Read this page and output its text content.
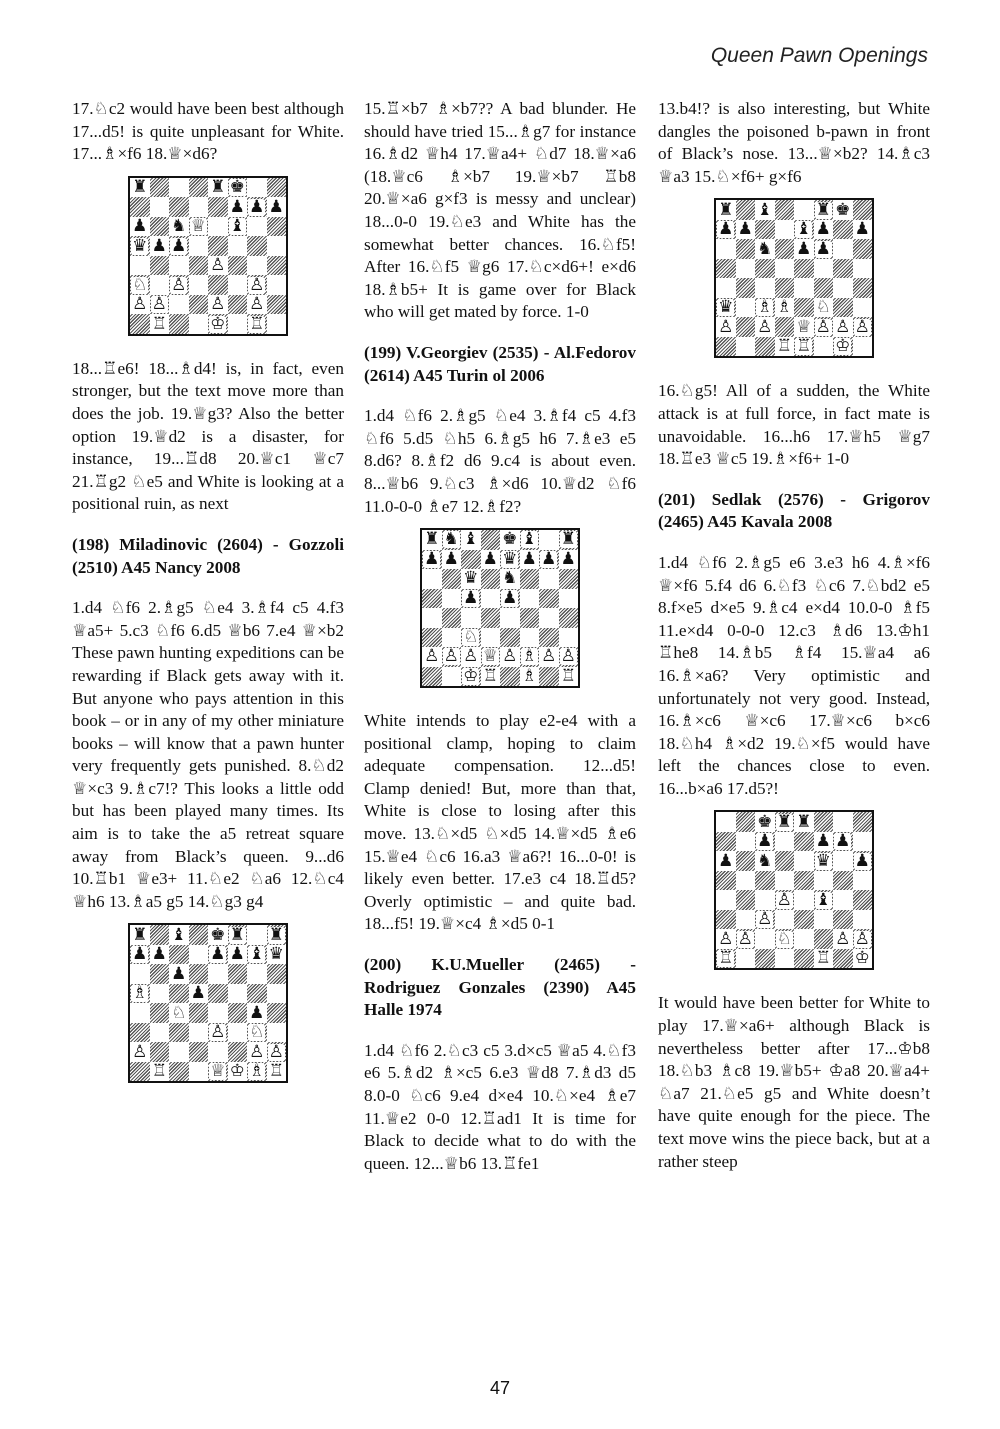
Queen Pawn Openings

17.♘c2 would have been best although 17...d5! is quite unpleasant for White. 17...♗×f6 18.♕×d6?

♜	♜ ♚
♟ ♟ ♟
♟ ♞ ♕ ♝
♛ ♟ ♟
♙
♘ ♙	♙
♙ ♙	♙ ♙
♖	♔ ♖

18...♖e6! 18...♗d4! is, in fact, even stronger, but the text move more than does the job. 19.♕g3? Also the better option 19.♕d2 is a disaster, for instance, 19...♖d8 20.♕c1 ♕c7 21.♖g2 ♘e5 and White is looking at a positional ruin, as next

(198) Miladinovic (2604) - Gozzoli (2510) A45 Nancy 2008

1.d4 ♘f6 2.♗g5 ♘e4 3.♗f4 c5 4.f3 ♕a5+ 5.c3 ♘f6 6.d5 ♕b6 7.e4 ♕×b2 These pawn hunting expeditions can be rewarding if Black gets away with it. But anyone who pays attention in this book – or in any of my other miniature books – will know that a pawn hunter very frequently gets punished. 8.♘d2 ♕×c3 9.♗c7!? This looks a little odd but has been played many times. Its aim is to take the a5 retreat square away from Black’s queen. 9...d6 10.♖b1 ♕e3+ 11.♘e2 ♘a6 12.♘c4 ♕h6 13.♗a5 g5 14.♘g3 g4

♜ ♝ ♚ ♜ ♜
♟ ♟	♟ ♟ ♝ ♛
♟
♗	♟
♘	♟
♙ ♘
♙	♙ ♙
♖	♕ ♔ ♗ ♖

15.♖×b7 ♗×b7?? A bad blunder. He should have tried 15...♗g7 for instance 16.♗d2 ♕h4 17.♕a4+ ♘d7 18.♕×a6 (18.♕c6 ♗×b7 19.♕×b7 ♖b8 20.♕×a6 g×f3 is messy and unclear) 18...0-0 19.♘e3 and White has the somewhat better chances. 16.♘f5! After 16.♘f5 ♕g6 17.♘c×d6+! e×d6 18.♗b5+ It is game over for Black who will get mated by force. 1-0

(199) V.Georgiev (2535) - Al.Fedorov (2614) A45 Turin ol 2006

1.d4 ♘f6 2.♗g5 ♘e4 3.♗f4 c5 4.f3 ♘f6 5.d5 ♘h5 6.♗g5 h6 7.♗e3 e5 8.d6? 8.♗f2 d6 9.c4 is about even. 8...♕b6 9.♘c3 ♗×d6 10.♕d2 ♘f6 11.0-0-0 ♗e7 12.♗f2?

♜ ♞ ♝ ♚ ♝ ♜
♟ ♟ ♟ ♛ ♟ ♟ ♟
♛ ♞
♟ ♟
♘
♙ ♙ ♙ ♕ ♙ ♗ ♙ ♙
♔ ♖ ♗ ♖

White intends to play e2-e4 with a positional clamp, hoping to claim adequate compensation. 12...d5! Clamp denied! But, more than that, White is close to losing after this move. 13.♘×d5 ♘×d5 14.♕×d5 ♗e6 15.♕e4 ♘c6 16.a3 ♕a6?! 16...0-0! is likely even better. 17.e3 c4 18.♖d5? Overly optimistic – and quite bad. 18...f5! 19.♕×c4 ♗×d5 0-1

(200) K.U.Mueller (2465) - Rodriguez Gonzales (2390) A45 Halle 1974

1.d4 ♘f6 2.♘c3 c5 3.d×c5 ♕a5 4.♘f3 e6 5.♗d2 ♗×c5 6.e3 ♕d8 7.♗d3 d5 8.0-0 ♘c6 9.e4 d×e4 10.♘×e4 ♗e7 11.♕e2 0-0 12.♖ad1 It is time for Black to decide what to do with the queen. 12...♕b6 13.♖fe1

13.b4!? is also interesting, but White dangles the poisoned b-pawn in front of Black’s nose. 13...♕×b2? 14.♗c3 ♕a3 15.♘×f6+ g×f6

♜ ♝	♜ ♚
♟ ♟	♝ ♟ ♟
♞ ♟ ♟
♛ ♗ ♗ ♘
♙ ♙ ♕ ♙ ♙ ♙
♖ ♖ ♔

16.♘g5! All of a sudden, the White attack is at full force, in fact mate is unavoidable. 16...h6 17.♕h5 ♕g7 18.♖e3 ♕c5 19.♗×f6+ 1-0

(201) Sedlak (2576) - Grigorov (2465) A45 Kavala 2008

1.d4 ♘f6 2.♗g5 e6 3.e3 h6 4.♗×f6 ♕×f6 5.f4 d6 6.♘f3 ♘c6 7.♘bd2 e5 8.f×e5 d×e5 9.♗c4 e×d4 10.0-0 ♗f5 11.e×d4 0-0-0 12.c3 ♗d6 13.♔h1 ♖he8 14.♗b5 ♗f4 15.♕a4 a6 16.♗×a6? Very optimistic and unfortunately not very good. Instead, 16.♗×c6 ♕×c6 17.♕×c6 b×c6 18.♘h4 ♗×d2 19.♘×f5 would have left the chances close to even. 16...b×a6 17.d5?!

♚ ♜ ♜
♟	♟ ♟
♟ ♞	♛ ♟
♙ ♝
♙
♙ ♙ ♘	♙ ♙
♖	♖ ♔

It would have been better for White to play 17.♕×a6+ although Black is nevertheless better after 17...♔b8 18.♘b3 ♗c8 19.♕b5+ ♔a8 20.♕a4+ ♘a7 21.♘e5 g5 and White doesn’t have quite enough for the piece. The text move wins the piece back, but at a rather steep

47
